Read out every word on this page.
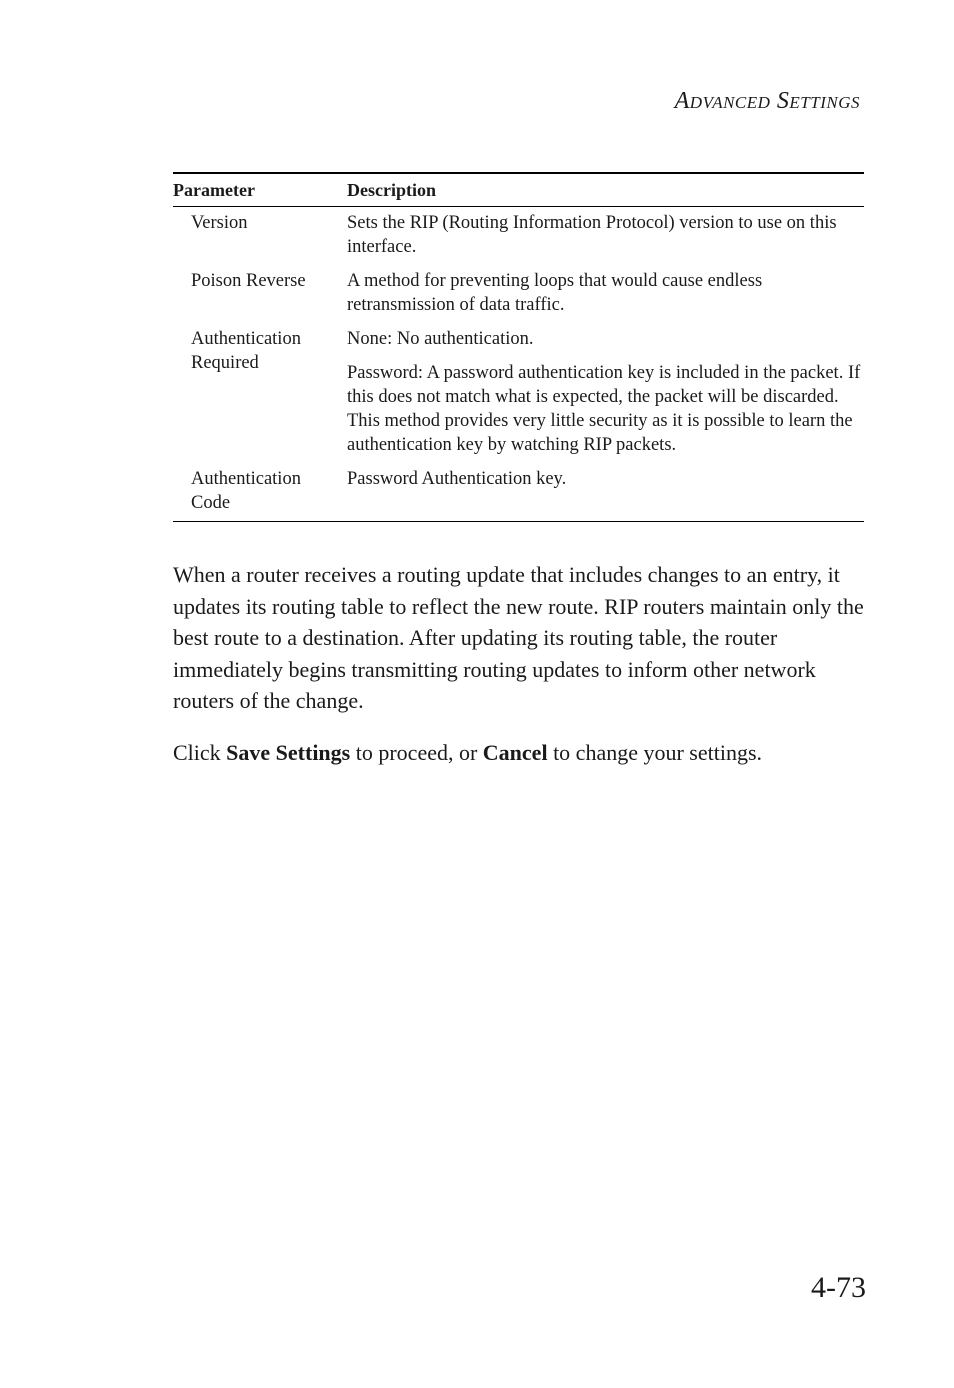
ADVANCED SETTINGS
Parameter	Description

Version	Sets the RIP (Routing Information Protocol) version to use on this interface.

Poison Reverse	A method for preventing loops that would cause endless retransmission of data traffic.

Authentication Required	None: No authentication.

Password: A password authentication key is included in the packet. If this does not match what is expected, the packet will be discarded. This method provides very little security as it is possible to learn the authentication key by watching RIP packets.

Authentication Code	Password Authentication key.

When a router receives a routing update that includes changes to an entry, it updates its routing table to reflect the new route. RIP routers maintain only the best route to a destination. After updating its routing table, the router immediately begins transmitting routing updates to inform other network routers of the change.

Click Save Settings to proceed, or Cancel to change your settings.

4-73
